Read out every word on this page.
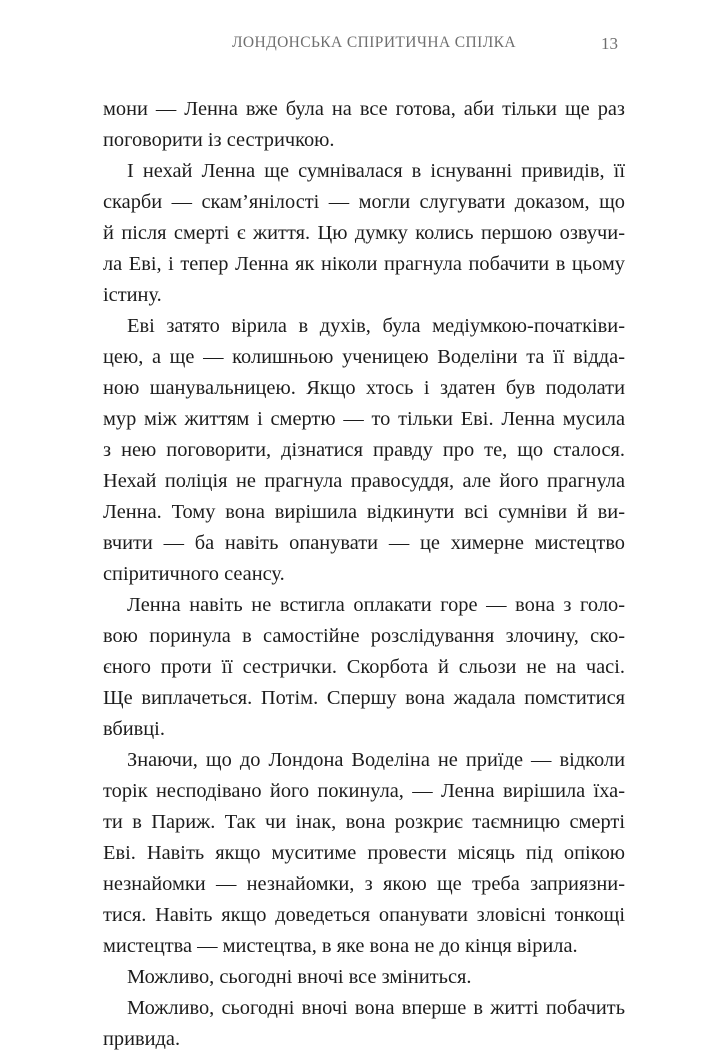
ЛОНДОНСЬКА СПІРИТИЧНА СПІЛКА	13
мони — Ленна вже була на все готова, аби тільки ще раз
поговорити із сестричкою.
І нехай Ленна ще сумнівалася в існуванні привидів, її
скарби — скам’янілості — могли слугувати доказом, що
й після смерті є життя. Цю думку колись першою озвучи-
ла Еві, і тепер Ленна як ніколи прагнула побачити в цьому
істину.
Еві затято вірила в духів, була медіумкою-початківи-
цею, а ще — колишньою ученицею Воделіни та її відда-
ною шанувальницею. Якщо хтось і здатен був подолати
мур між життям і смертю — то тільки Еві. Ленна мусила
з нею поговорити, дізнатися правду про те, що сталося.
Нехай поліція не прагнула правосуддя, але його прагнула
Ленна. Тому вона вирішила відкинути всі сумніви й ви-
вчити — ба навіть опанувати — це химерне мистецтво
спіритичного сеансу.
Ленна навіть не встигла оплакати горе — вона з голо-
вою поринула в самостійне розслідування злочину, ско-
єного проти її сестрички. Скорбота й сльози не на часі.
Ще виплачеться. Потім. Спершу вона жадала помститися
вбивці.
Знаючи, що до Лондона Воделіна не приїде — відколи
торік несподівано його покинула, — Ленна вирішила їха-
ти в Париж. Так чи інак, вона розкриє таємницю смерті
Еві. Навіть якщо муситиме провести місяць під опікою
незнайомки — незнайомки, з якою ще треба заприязни-
тися. Навіть якщо доведеться опанувати зловісні тонкощі
мистецтва — мистецтва, в яке вона не до кінця вірила.
Можливо, сьогодні вночі все зміниться.
Можливо, сьогодні вночі вона вперше в житті побачить
привида.
